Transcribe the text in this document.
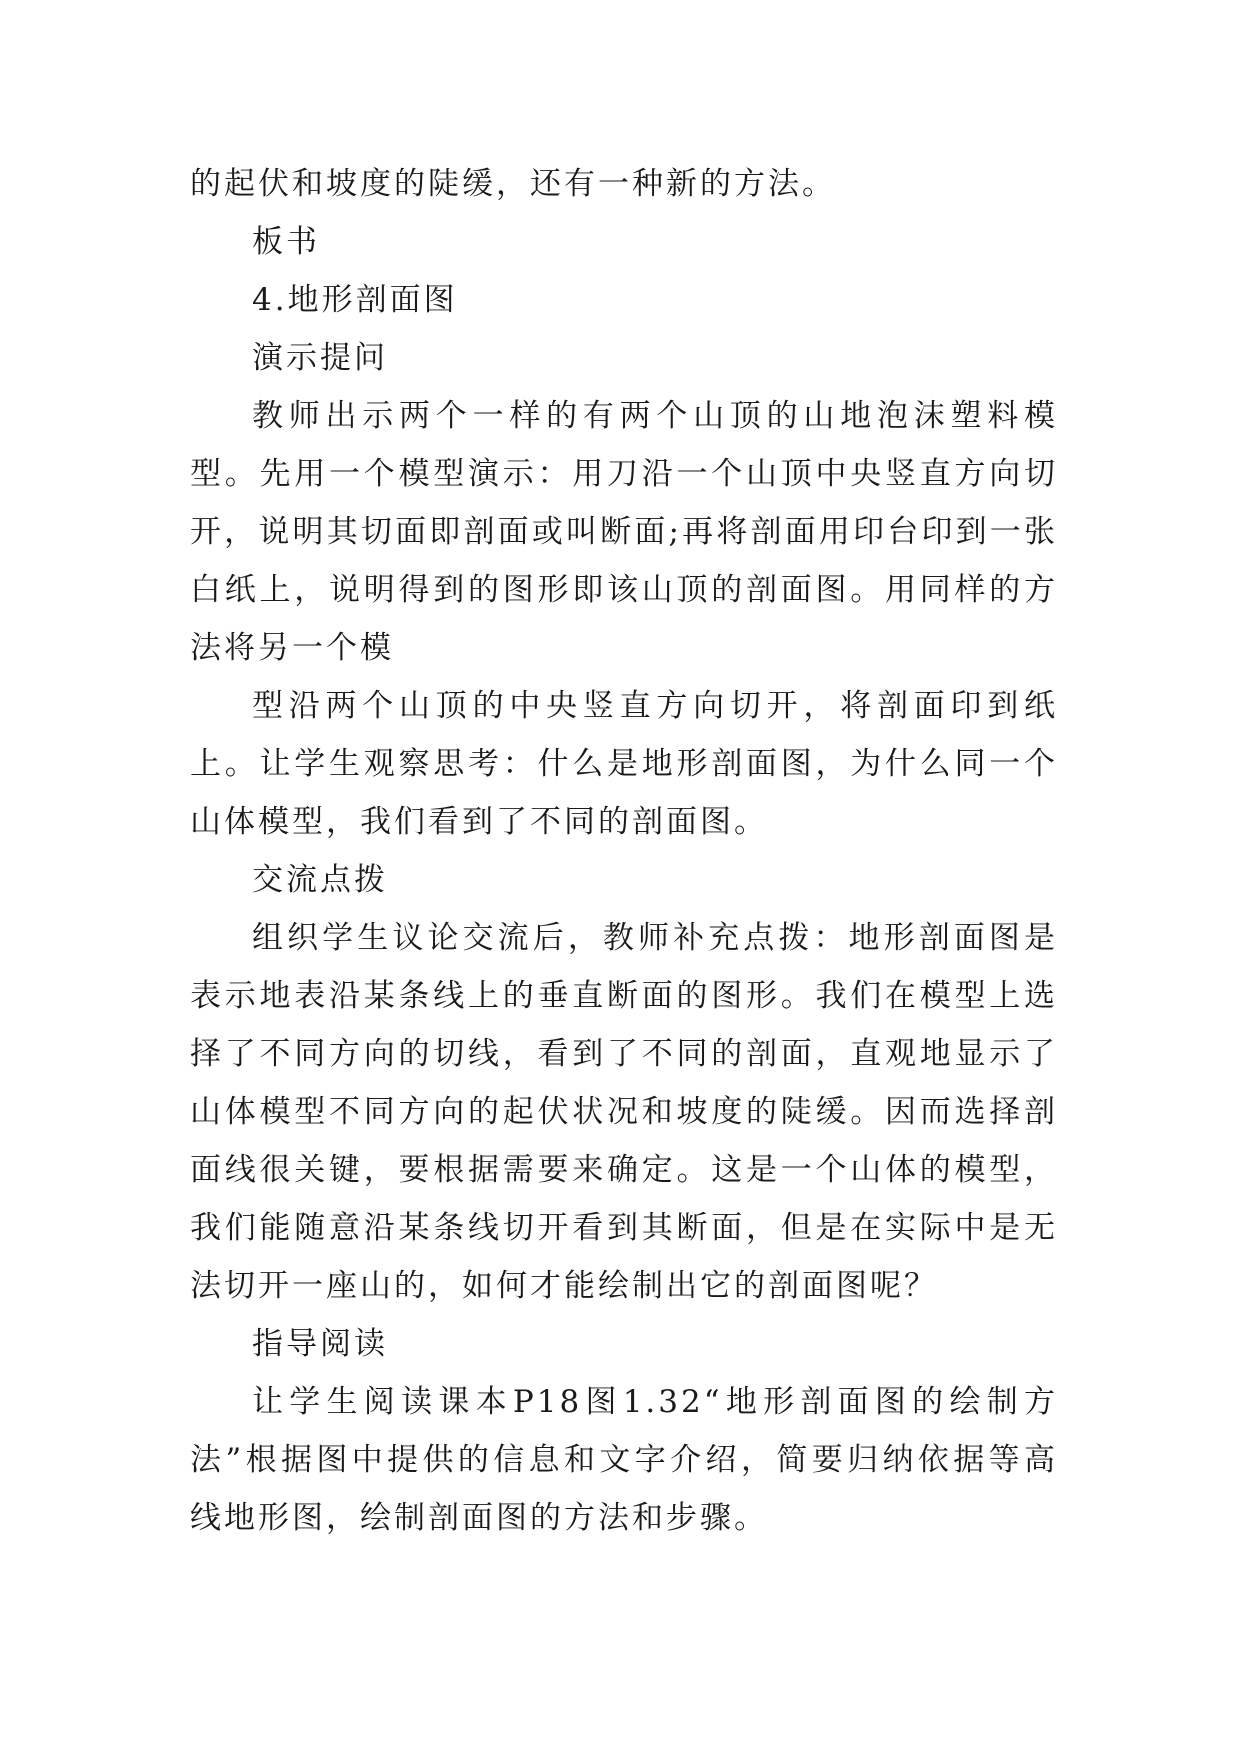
的起伏和坡度的陡缓，还有一种新的方法。

板书

4.地形剖面图

演示提问

教师出示两个一样的有两个山顶的山地泡沫塑料模型。先用一个模型演示：用刀沿一个山顶中央竖直方向切开，说明其切面即剖面或叫断面;再将剖面用印台印到一张白纸上，说明得到的图形即该山顶的剖面图。用同样的方法将另一个模

型沿两个山顶的中央竖直方向切开，将剖面印到纸上。让学生观察思考：什么是地形剖面图，为什么同一个山体模型，我们看到了不同的剖面图。

交流点拨

组织学生议论交流后，教师补充点拨：地形剖面图是表示地表沿某条线上的垂直断面的图形。我们在模型上选择了不同方向的切线，看到了不同的剖面，直观地显示了山体模型不同方向的起伏状况和坡度的陡缓。因而选择剖面线很关键，要根据需要来确定。这是一个山体的模型，我们能随意沿某条线切开看到其断面，但是在实际中是无法切开一座山的，如何才能绘制出它的剖面图呢？

指导阅读

让学生阅读课本P18图1.32“地形剖面图的绘制方法”根据图中提供的信息和文字介绍，简要归纳依据等高线地形图，绘制剖面图的方法和步骤。
